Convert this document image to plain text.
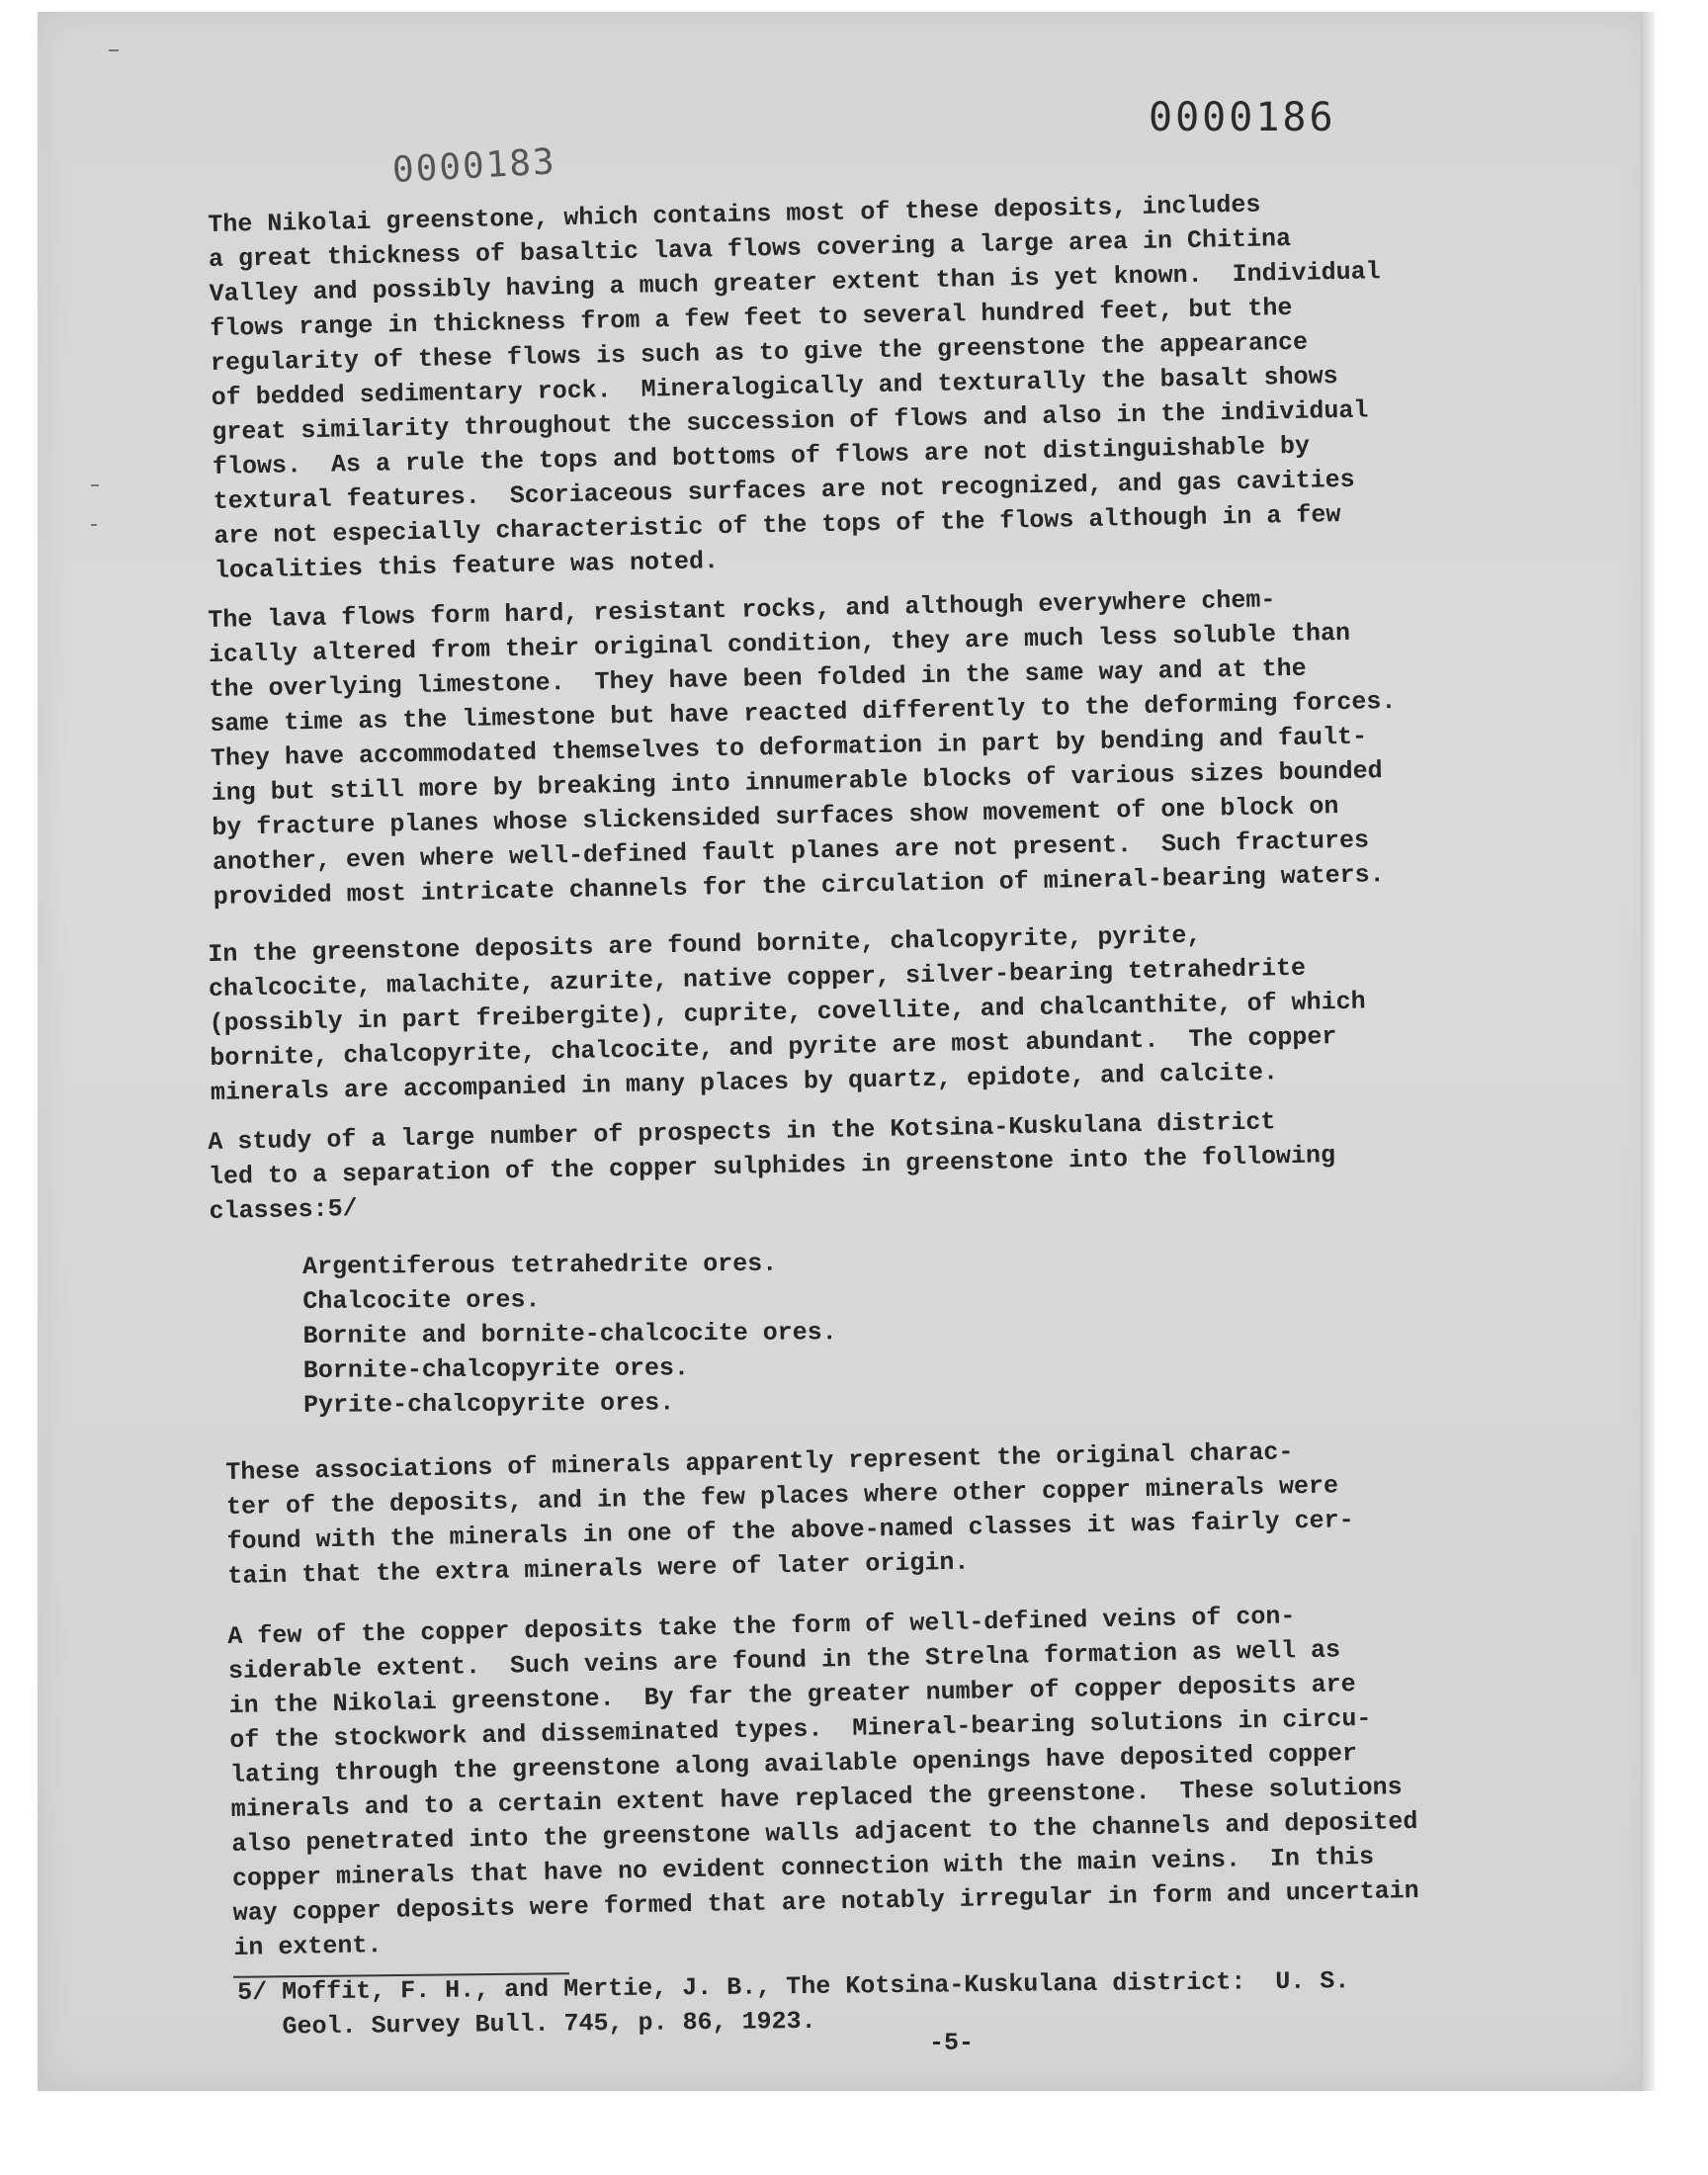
0000186
0000183

The Nikolai greenstone, which contains most of these deposits, includes
a great thickness of basaltic lava flows covering a large area in Chitina
Valley and possibly having a much greater extent than is yet known.  Individual
flows range in thickness from a few feet to several hundred feet, but the
regularity of these flows is such as to give the greenstone the appearance
of bedded sedimentary rock.  Mineralogically and texturally the basalt shows
great similarity throughout the succession of flows and also in the individual
flows.  As a rule the tops and bottoms of flows are not distinguishable by
textural features.  Scoriaceous surfaces are not recognized, and gas cavities
are not especially characteristic of the tops of the flows although in a few
localities this feature was noted.

The lava flows form hard, resistant rocks, and although everywhere chem-
ically altered from their original condition, they are much less soluble than
the overlying limestone.  They have been folded in the same way and at the
same time as the limestone but have reacted differently to the deforming forces.
They have accommodated themselves to deformation in part by bending and fault-
ing but still more by breaking into innumerable blocks of various sizes bounded
by fracture planes whose slickensided surfaces show movement of one block on
another, even where well-defined fault planes are not present.  Such fractures
provided most intricate channels for the circulation of mineral-bearing waters.

In the greenstone deposits are found bornite, chalcopyrite, pyrite,
chalcocite, malachite, azurite, native copper, silver-bearing tetrahedrite
(possibly in part freibergite), cuprite, covellite, and chalcanthite, of which
bornite, chalcopyrite, chalcocite, and pyrite are most abundant.  The copper
minerals are accompanied in many places by quartz, epidote, and calcite.

A study of a large number of prospects in the Kotsina-Kuskulana district
led to a separation of the copper sulphides in greenstone into the following
classes:5/

Argentiferous tetrahedrite ores.

Chalcocite ores.

Bornite and bornite-chalcocite ores.

Bornite-chalcopyrite ores.

Pyrite-chalcopyrite ores.

These associations of minerals apparently represent the original charac-
ter of the deposits, and in the few places where other copper minerals were
found with the minerals in one of the above-named classes it was fairly cer-
tain that the extra minerals were of later origin.

A few of the copper deposits take the form of well-defined veins of con-
siderable extent.  Such veins are found in the Strelna formation as well as
in the Nikolai greenstone.  By far the greater number of copper deposits are
of the stockwork and disseminated types.  Mineral-bearing solutions in circu-
lating through the greenstone along available openings have deposited copper
minerals and to a certain extent have replaced the greenstone.  These solutions
also penetrated into the greenstone walls adjacent to the channels and deposited
copper minerals that have no evident connection with the main veins.  In this
way copper deposits were formed that are notably irregular in form and uncertain
in extent.

5/ Moffit, F. H., and Mertie, J. B., The Kotsina-Kuskulana district:  U. S.
Geol. Survey Bull. 745, p. 86, 1923.

-5-
